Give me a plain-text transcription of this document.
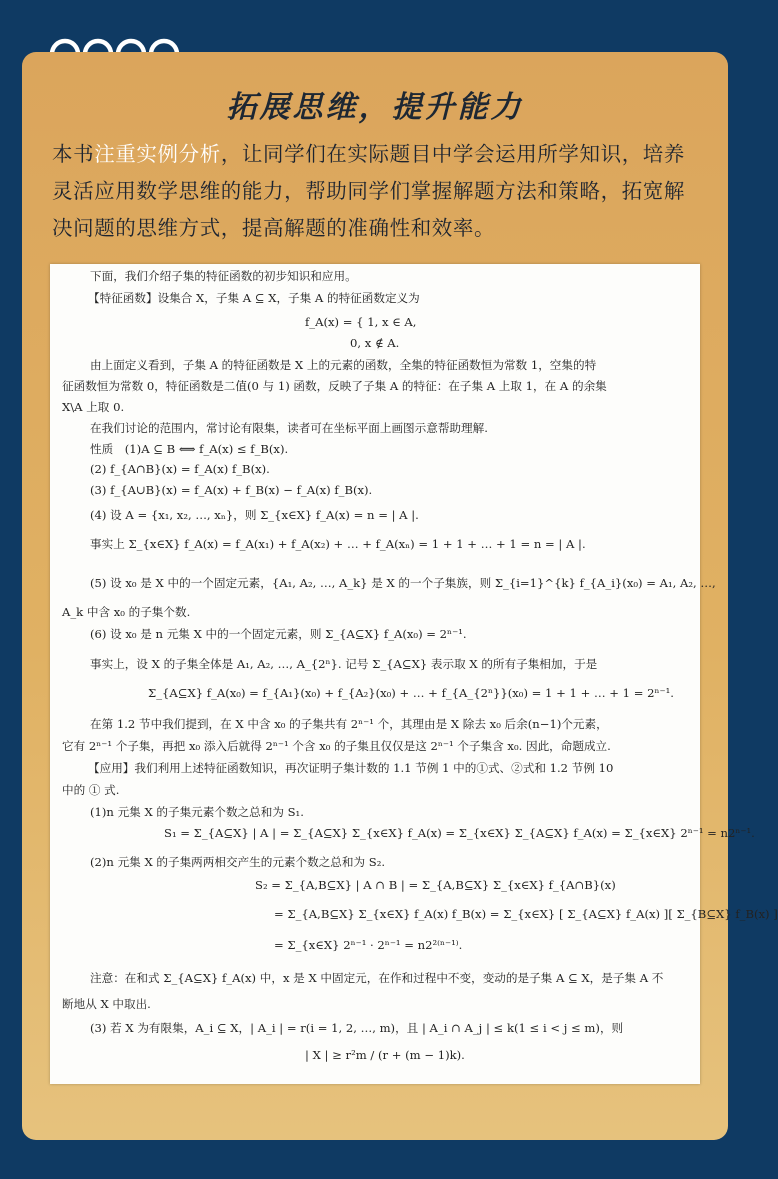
拓展思维，提升能力
本书注重实例分析，让同学们在实际题目中学会运用所学知识，培养灵活应用数学思维的能力，帮助同学们掌握解题方法和策略，拓宽解决问题的思维方式，提高解题的准确性和效率。
下面，我们介绍子集的特征函数的初步知识和应用。
【特征函数】设集合 X，子集 A ⊆ X，子集 A 的特征函数定义为
f_A(x) = { 1, x ∈ A,
0, x ∉ A.
由上面定义看到，子集 A 的特征函数是 X 上的元素的函数，全集的特征函数恒为常数 1，空集的特
征函数恒为常数 0，特征函数是二值(0 与 1) 函数，反映了子集 A 的特征：在子集 A 上取 1，在 A 的余集
X\A 上取 0.
在我们讨论的范围内，常讨论有限集，读者可在坐标平面上画图示意帮助理解.
性质　(1)A ⊆ B ⟺ f_A(x) ≤ f_B(x).
(2) f_{A∩B}(x) = f_A(x) f_B(x).
(3) f_{A∪B}(x) = f_A(x) + f_B(x) − f_A(x) f_B(x).
(4) 设 A = {x₁, x₂, …, xₙ}，则 Σ_{x∈X} f_A(x) = n = | A |.
事实上 Σ_{x∈X} f_A(x) = f_A(x₁) + f_A(x₂) + … + f_A(xₙ) = 1 + 1 + … + 1 = n = | A |.
(5) 设 x₀ 是 X 中的一个固定元素，{A₁, A₂, …, A_k} 是 X 的一个子集族，则 Σ_{i=1}^{k} f_{A_i}(x₀) = A₁, A₂, …,
A_k 中含 x₀ 的子集个数.
(6) 设 x₀ 是 n 元集 X 中的一个固定元素，则 Σ_{A⊆X} f_A(x₀) = 2ⁿ⁻¹.
事实上，设 X 的子集全体是 A₁, A₂, …, A_{2ⁿ}. 记号 Σ_{A⊆X} 表示取 X 的所有子集相加，于是
Σ_{A⊆X} f_A(x₀) = f_{A₁}(x₀) + f_{A₂}(x₀) + … + f_{A_{2ⁿ}}(x₀) = 1 + 1 + … + 1 = 2ⁿ⁻¹.
在第 1.2 节中我们提到，在 X 中含 x₀ 的子集共有 2ⁿ⁻¹ 个，其理由是 X 除去 x₀ 后余(n−1)个元素，
它有 2ⁿ⁻¹ 个子集，再把 x₀ 添入后就得 2ⁿ⁻¹ 个含 x₀ 的子集且仅仅是这 2ⁿ⁻¹ 个子集含 x₀. 因此，命题成立.
【应用】我们利用上述特征函数知识，再次证明子集计数的 1.1 节例 1 中的①式、②式和 1.2 节例 10
中的 ① 式.
(1)n 元集 X 的子集元素个数之总和为 S₁.
S₁ = Σ_{A⊆X} | A | = Σ_{A⊆X} Σ_{x∈X} f_A(x) = Σ_{x∈X} Σ_{A⊆X} f_A(x) = Σ_{x∈X} 2ⁿ⁻¹ = n2ⁿ⁻¹.
(2)n 元集 X 的子集两两相交产生的元素个数之总和为 S₂.
S₂ = Σ_{A,B⊆X} | A ∩ B | = Σ_{A,B⊆X} Σ_{x∈X} f_{A∩B}(x)
= Σ_{A,B⊆X} Σ_{x∈X} f_A(x) f_B(x) = Σ_{x∈X} [ Σ_{A⊆X} f_A(x) ][ Σ_{B⊆X} f_B(x) ]
= Σ_{x∈X} 2ⁿ⁻¹ · 2ⁿ⁻¹ = n2²⁽ⁿ⁻¹⁾.
注意：在和式 Σ_{A⊆X} f_A(x) 中，x 是 X 中固定元，在作和过程中不变，变动的是子集 A ⊆ X，是子集 A 不
断地从 X 中取出.
(3) 若 X 为有限集，A_i ⊆ X，| A_i | = r(i = 1, 2, …, m)，且 | A_i ∩ A_j | ≤ k(1 ≤ i < j ≤ m)，则
| X | ≥ r²m / (r + (m − 1)k).
